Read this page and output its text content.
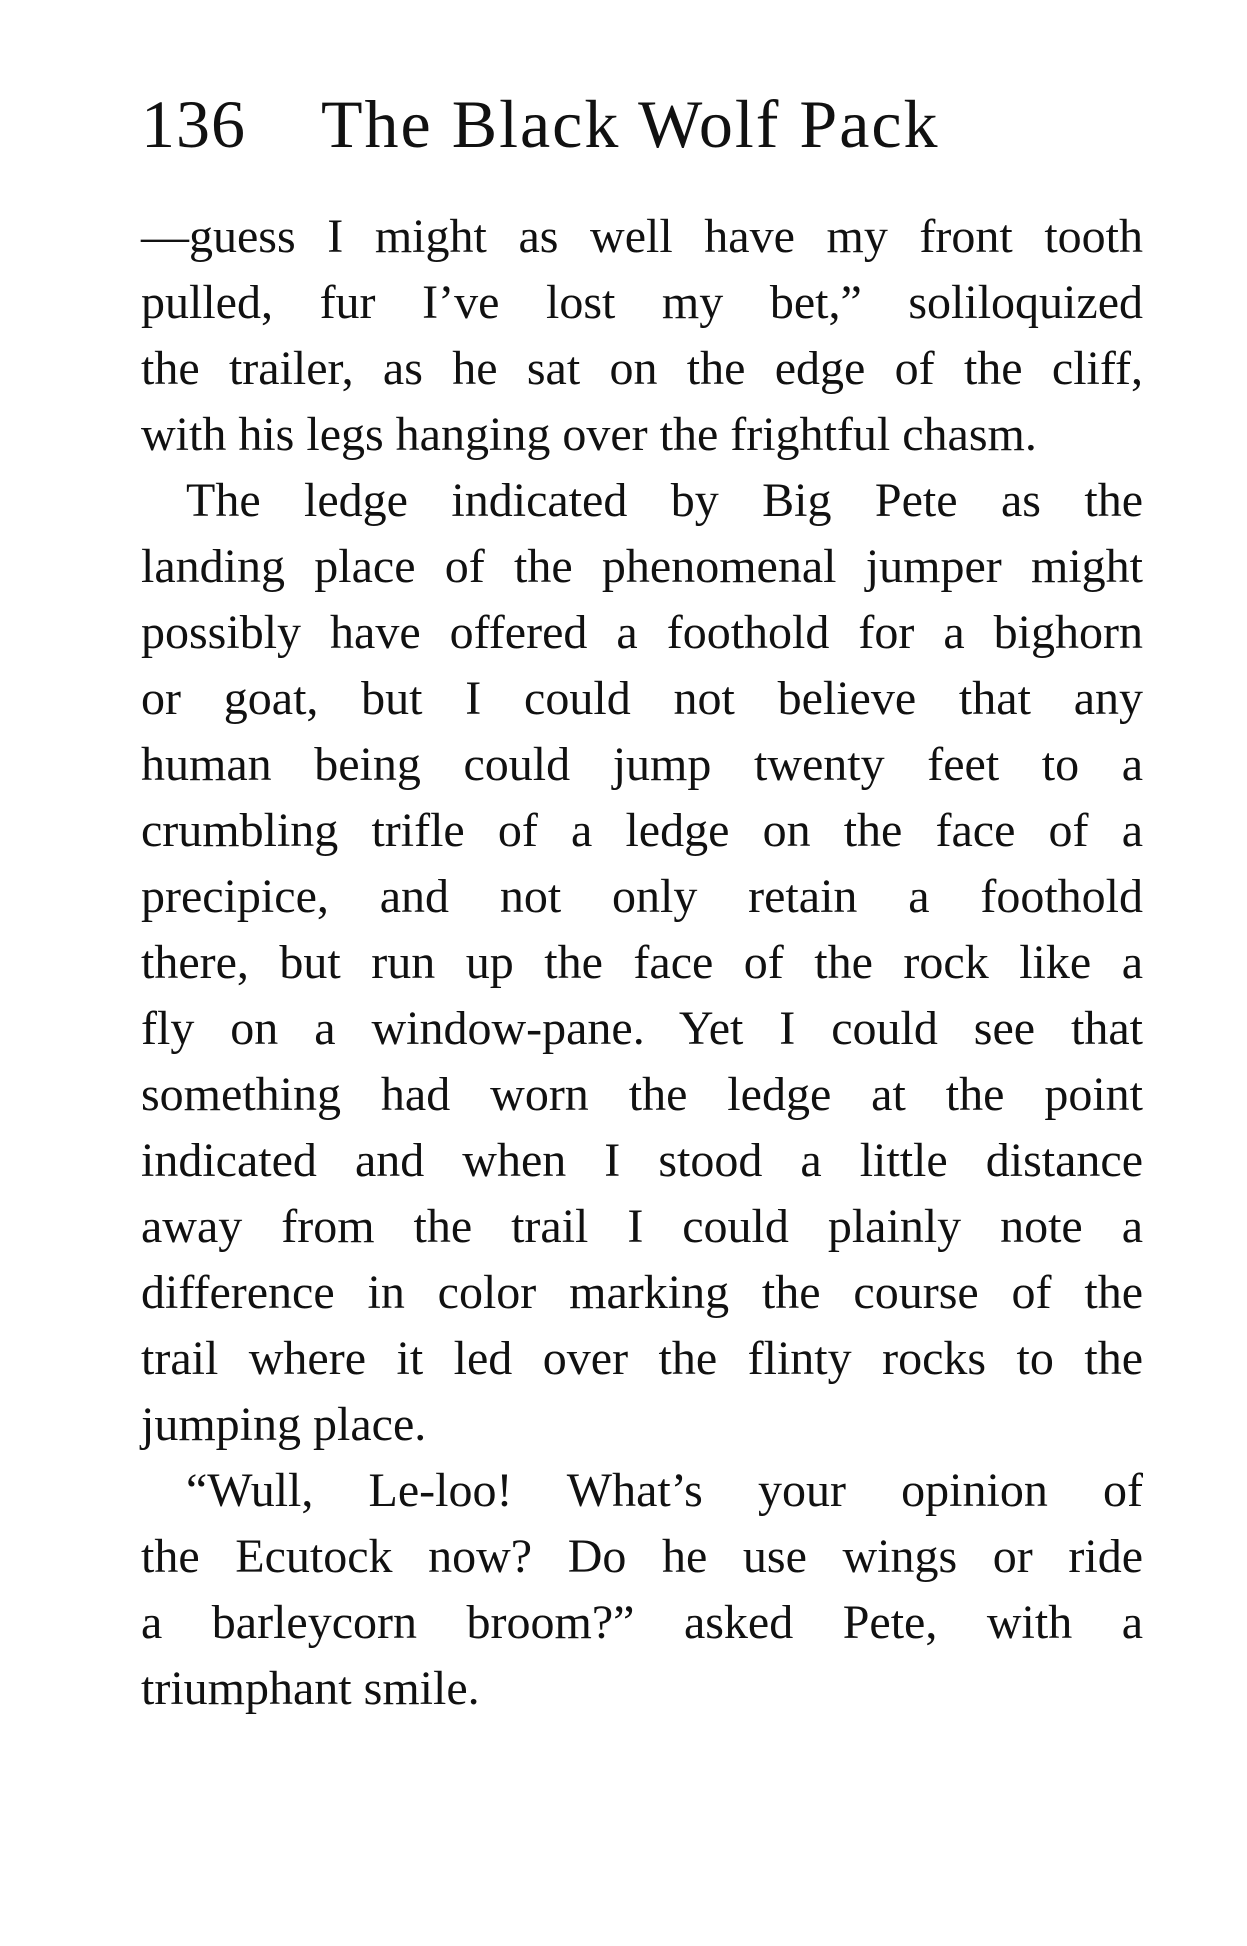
136 The Black Wolf Pack
—guess I might as well have my front tooth
pulled, fur I’ve lost my bet,” soliloquized
the trailer, as he sat on the edge of the cliff,
with his legs hanging over the frightful chasm.
The ledge indicated by Big Pete as the
landing place of the phenomenal jumper might
possibly have offered a foothold for a bighorn
or goat, but I could not believe that any
human being could jump twenty feet to a
crumbling trifle of a ledge on the face of a
precipice, and not only retain a foothold
there, but run up the face of the rock like a
fly on a window-pane. Yet I could see that
something had worn the ledge at the point
indicated and when I stood a little distance
away from the trail I could plainly note a
difference in color marking the course of the
trail where it led over the flinty rocks to the
jumping place.
“Wull, Le-loo! What’s your opinion of
the Ecutock now? Do he use wings or ride
a barleycorn broom?” asked Pete, with a
triumphant smile.
